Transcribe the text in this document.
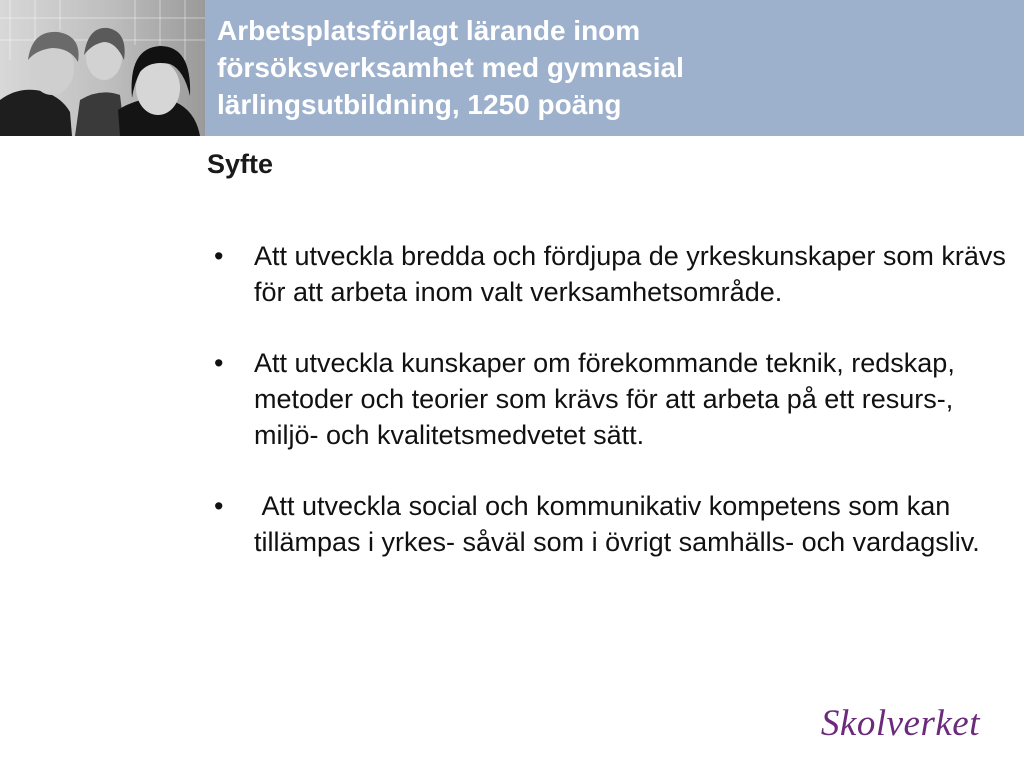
Arbetsplatsförlagt lärande inom
försöksverksamhet med gymnasial
lärlingsutbildning, 1250 poäng
Syfte
• Att utveckla bredda och fördjupa de yrkeskunskaper som krävs för att arbeta inom valt verksamhetsområde.
• Att utveckla kunskaper om förekommande teknik, redskap, metoder och teorier som krävs för att arbeta på ett resurs-, miljö- och kvalitetsmedvetet sätt.
• Att utveckla social och kommunikativ kompetens som kan tillämpas i yrkes- såväl som i övrigt samhälls- och vardagsliv.
Skolverket
